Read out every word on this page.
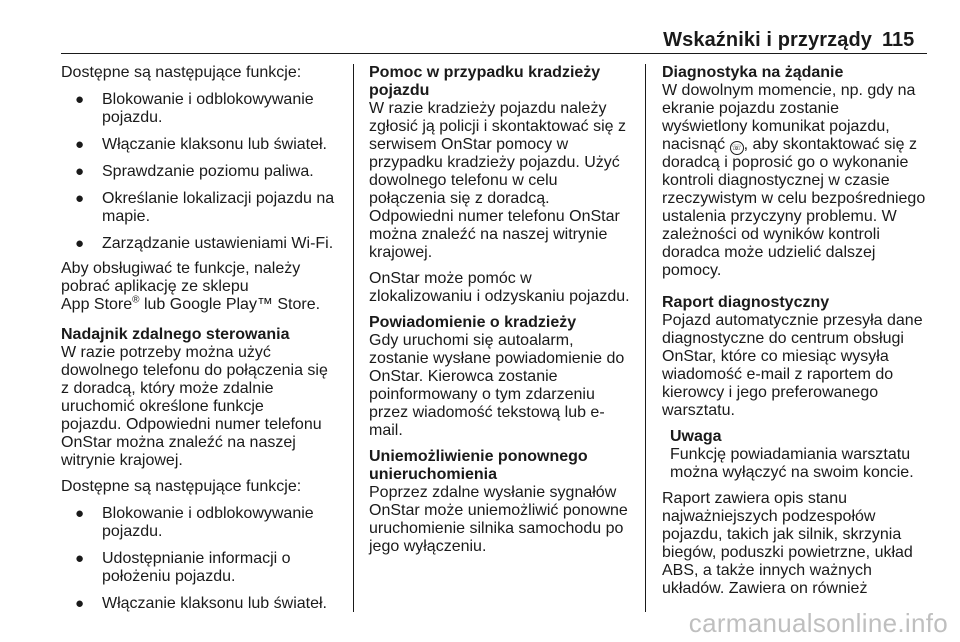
Wskaźniki i przyrządy 115
Dostępne są następujące funkcje:
● Blokowanie i odblokowywanie
pojazdu.
● Włączanie klaksonu lub świateł.
● Sprawdzanie poziomu paliwa.
● Określanie lokalizacji pojazdu na
mapie.
● Zarządzanie ustawieniami Wi-Fi.
Aby obsługiwać te funkcje, należy
pobrać aplikację ze sklepu
App Store® lub Google Play™ Store.
Nadajnik zdalnego sterowania
W razie potrzeby można użyć
dowolnego telefonu do połączenia się
z doradcą, który może zdalnie
uruchomić określone funkcje
pojazdu. Odpowiedni numer telefonu
OnStar można znaleźć na naszej
witrynie krajowej.
Dostępne są następujące funkcje:
● Blokowanie i odblokowywanie
pojazdu.
● Udostępnianie informacji o
położeniu pojazdu.
● Włączanie klaksonu lub świateł.
Pomoc w przypadku kradzieży
pojazdu
W razie kradzieży pojazdu należy
zgłosić ją policji i skontaktować się z
serwisem OnStar pomocy w
przypadku kradzieży pojazdu. Użyć
dowolnego telefonu w celu
połączenia się z doradcą.
Odpowiedni numer telefonu OnStar
można znaleźć na naszej witrynie
krajowej.
OnStar może pomóc w
zlokalizowaniu i odzyskaniu pojazdu.
Powiadomienie o kradzieży
Gdy uruchomi się autoalarm,
zostanie wysłane powiadomienie do
OnStar. Kierowca zostanie
poinformowany o tym zdarzeniu
przez wiadomość tekstową lub e-
mail.
Uniemożliwienie ponownego
unieruchomienia
Poprzez zdalne wysłanie sygnałów
OnStar może uniemożliwić ponowne
uruchomienie silnika samochodu po
jego wyłączeniu.
Diagnostyka na żądanie
W dowolnym momencie, np. gdy na
ekranie pojazdu zostanie
wyświetlony komunikat pojazdu,
nacisnąć ☏ , aby skontaktować się z
doradcą i poprosić go o wykonanie
kontroli diagnostycznej w czasie
rzeczywistym w celu bezpośredniego
ustalenia przyczyny problemu. W
zależności od wyników kontroli
doradca może udzielić dalszej
pomocy.
Raport diagnostyczny
Pojazd automatycznie przesyła dane
diagnostyczne do centrum obsługi
OnStar, które co miesiąc wysyła
wiadomość e-mail z raportem do
kierowcy i jego preferowanego
warsztatu.
Uwaga
Funkcję powiadamiania warsztatu
można wyłączyć na swoim koncie.
Raport zawiera opis stanu
najważniejszych podzespołów
pojazdu, takich jak silnik, skrzynia
biegów, poduszki powietrzne, układ
ABS, a także innych ważnych
układów. Zawiera on również
carmanualsonline.info
